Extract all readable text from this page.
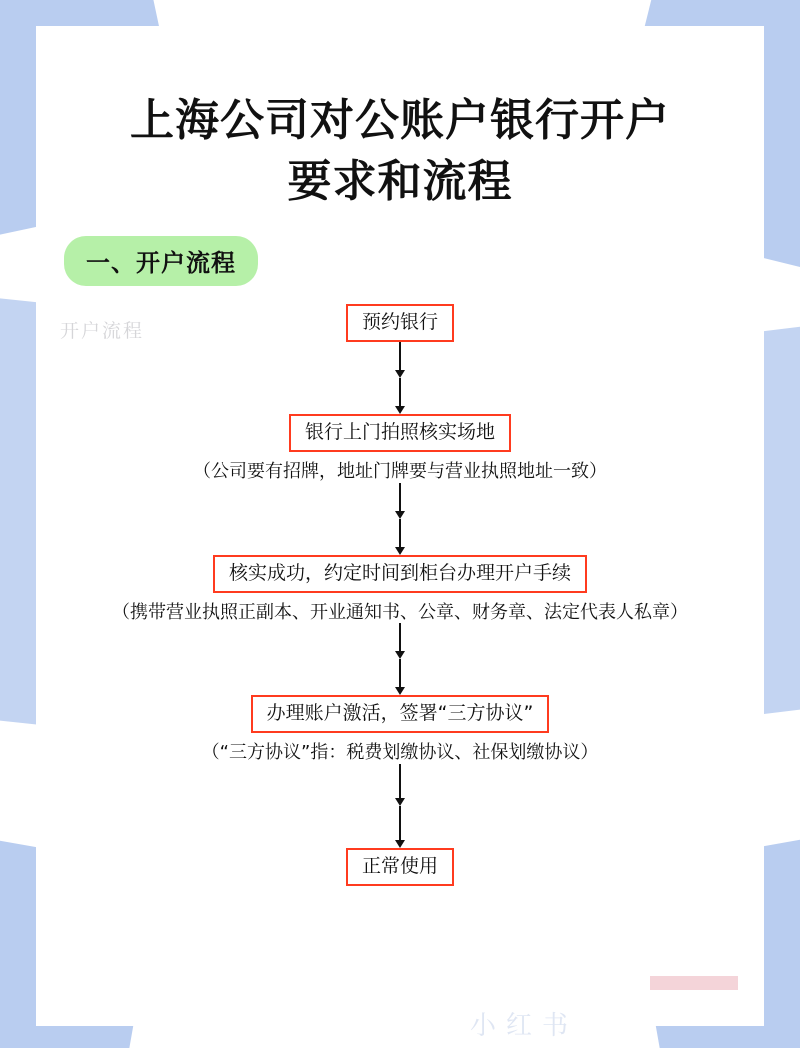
上海公司对公账户银行开户
要求和流程
一、开户流程
开户流程	预约银行
银行上门拍照核实场地
（公司要有招牌，地址门牌要与营业执照地址一致）
核实成功，约定时间到柜台办理开户手续
（携带营业执照正副本、开业通知书、公章、财务章、法定代表人私章）
办理账户激活，签署“三方协议”
（“三方协议”指：税费划缴协议、社保划缴协议）
正常使用
小红书
